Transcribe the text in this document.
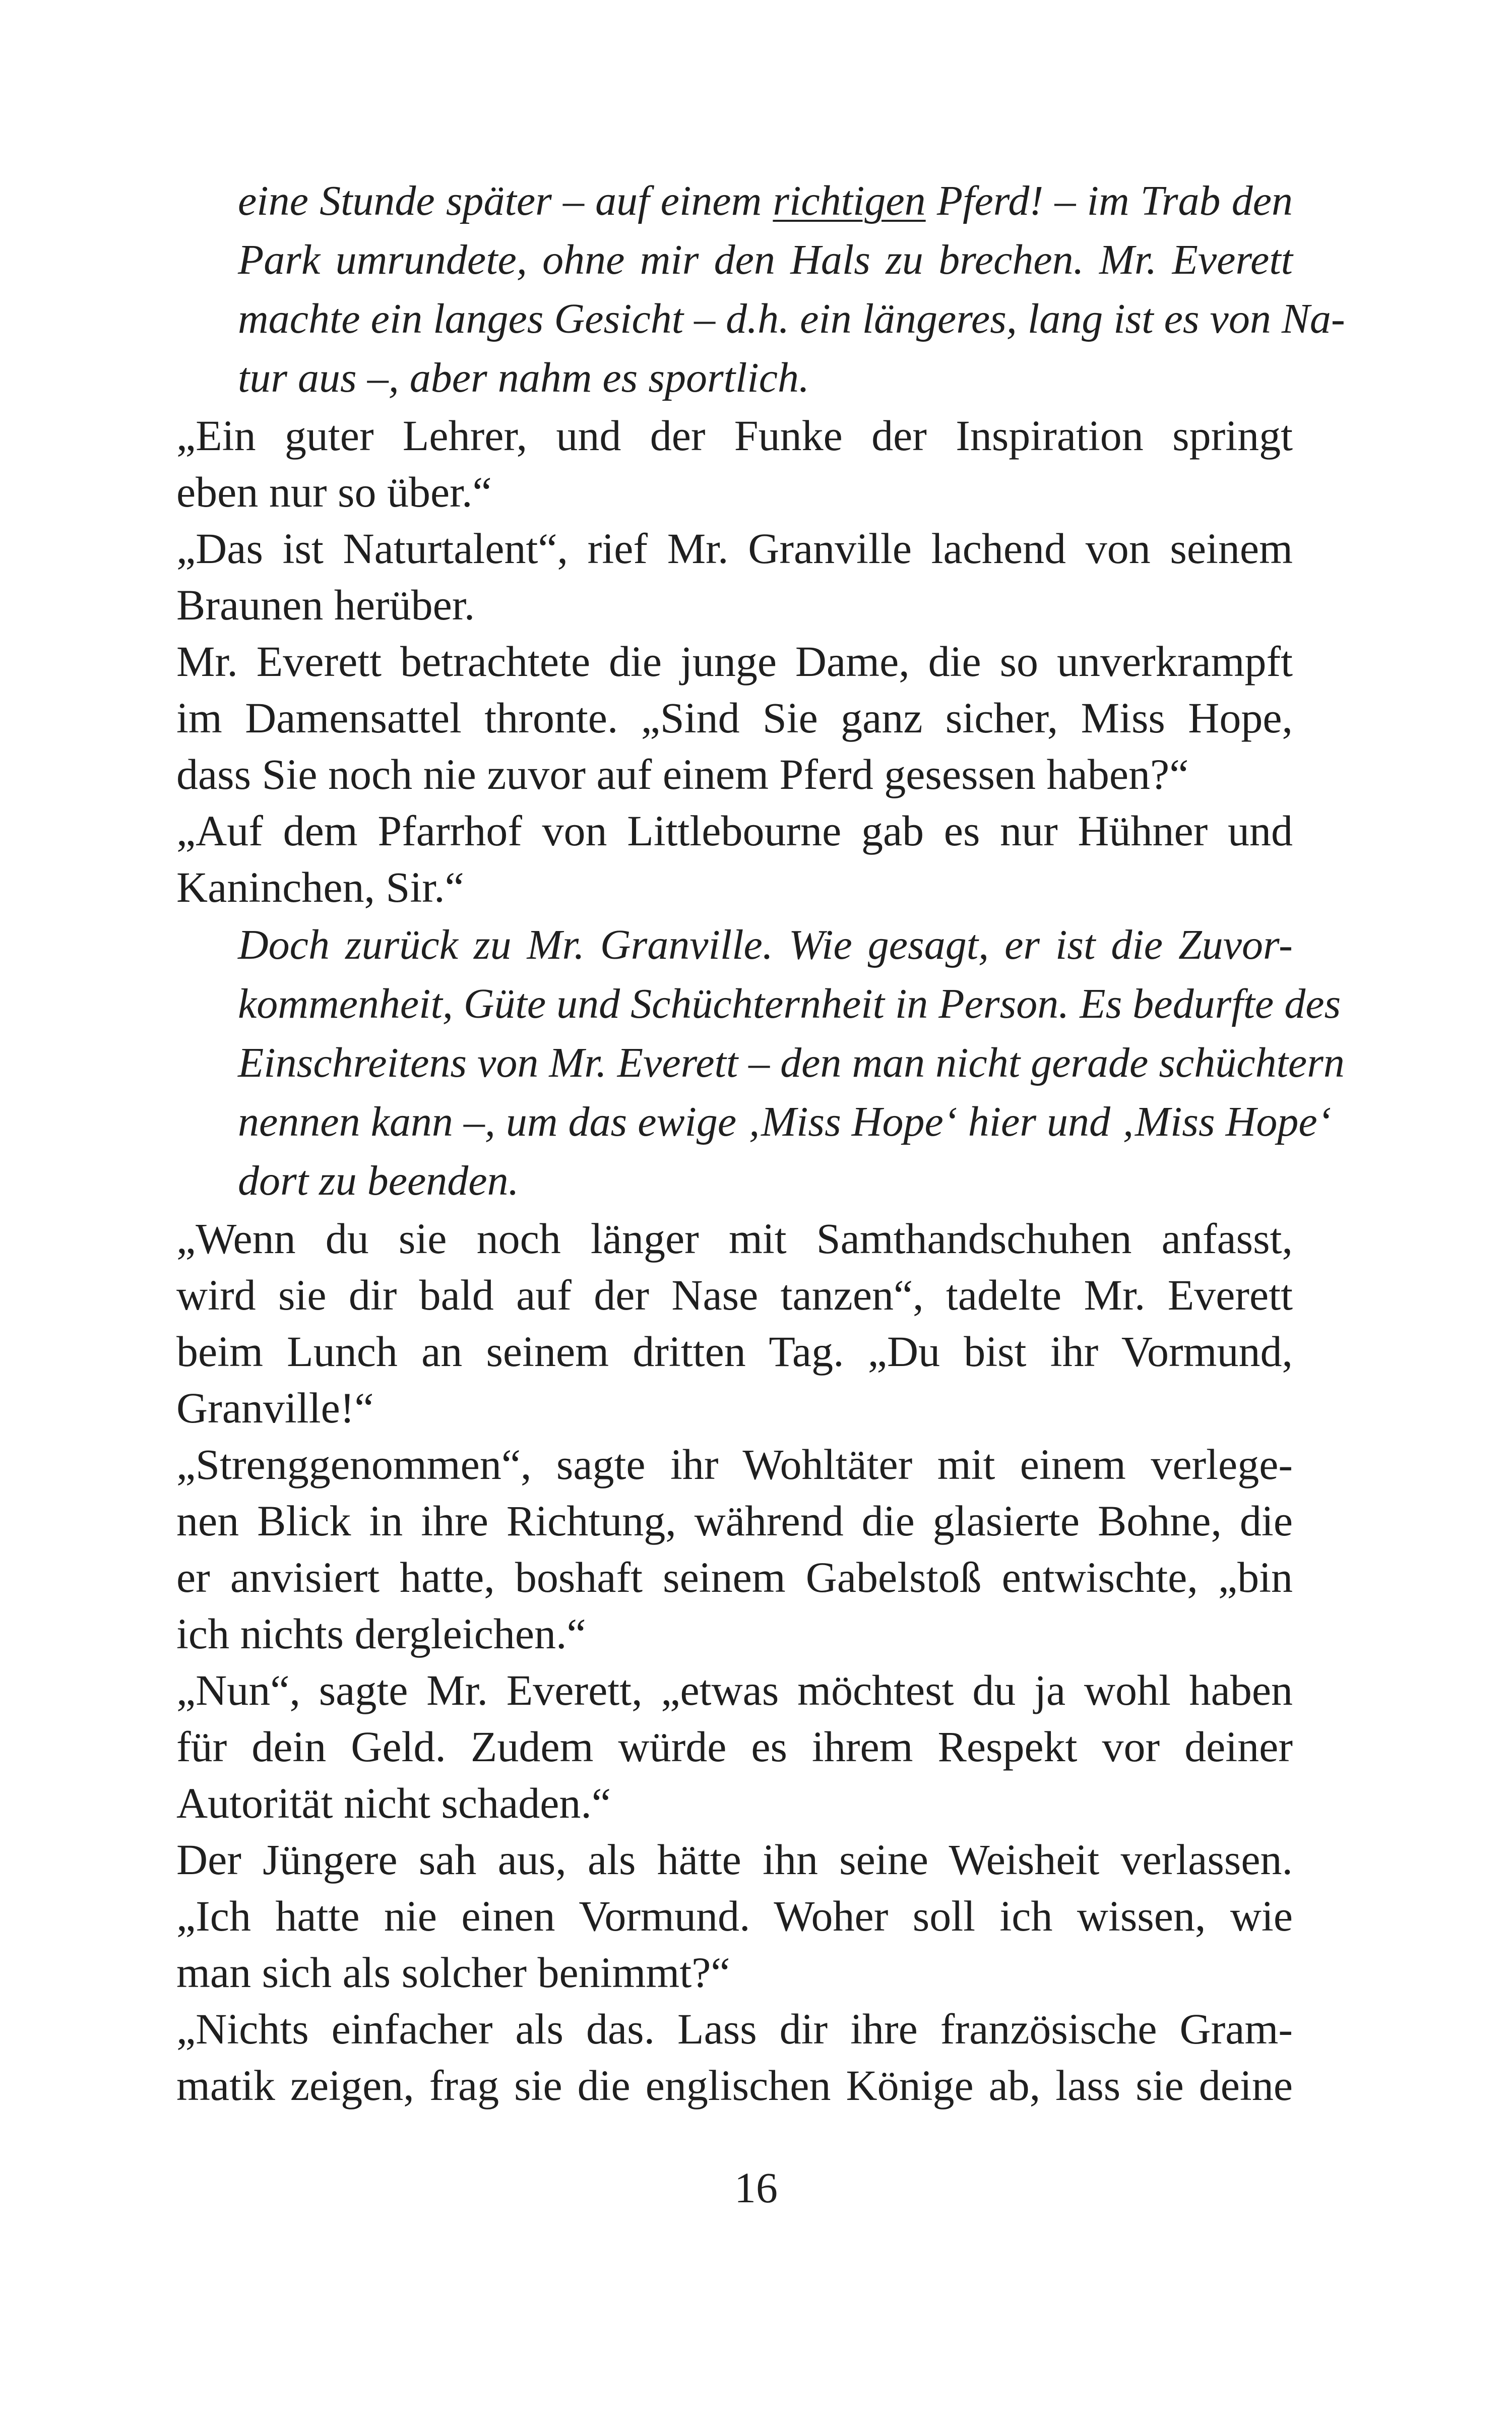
eine Stunde später – auf einem richtigen Pferd! – im Trab den
Park umrundete, ohne mir den Hals zu brechen. Mr. Everett
machte ein langes Gesicht – d.h. ein längeres, lang ist es von Na-
tur aus –, aber nahm es sportlich.
„Ein guter Lehrer, und der Funke der Inspiration springt
eben nur so über.“
„Das ist Naturtalent“, rief Mr. Granville lachend von seinem
Braunen herüber.
Mr. Everett betrachtete die junge Dame, die so unverkrampft
im Damensattel thronte. „Sind Sie ganz sicher, Miss Hope,
dass Sie noch nie zuvor auf einem Pferd gesessen haben?“
„Auf dem Pfarrhof von Littlebourne gab es nur Hühner und
Kaninchen, Sir.“
Doch zurück zu Mr. Granville. Wie gesagt, er ist die Zuvor-
kommenheit, Güte und Schüchternheit in Person. Es bedurfte des
Einschreitens von Mr. Everett – den man nicht gerade schüchtern
nennen kann –, um das ewige ‚Miss Hope‘ hier und ‚Miss Hope‘
dort zu beenden.
„Wenn du sie noch länger mit Samthandschuhen anfasst,
wird sie dir bald auf der Nase tanzen“, tadelte Mr. Everett
beim Lunch an seinem dritten Tag. „Du bist ihr Vormund,
Granville!“
„Strenggenommen“, sagte ihr Wohltäter mit einem verlege-
nen Blick in ihre Richtung, während die glasierte Bohne, die
er anvisiert hatte, boshaft seinem Gabelstoß entwischte, „bin
ich nichts dergleichen.“
„Nun“, sagte Mr. Everett, „etwas möchtest du ja wohl haben
für dein Geld. Zudem würde es ihrem Respekt vor deiner
Autorität nicht schaden.“
Der Jüngere sah aus, als hätte ihn seine Weisheit verlassen.
„Ich hatte nie einen Vormund. Woher soll ich wissen, wie
man sich als solcher benimmt?“
„Nichts einfacher als das. Lass dir ihre französische Gram-
matik zeigen, frag sie die englischen Könige ab, lass sie deine
16
